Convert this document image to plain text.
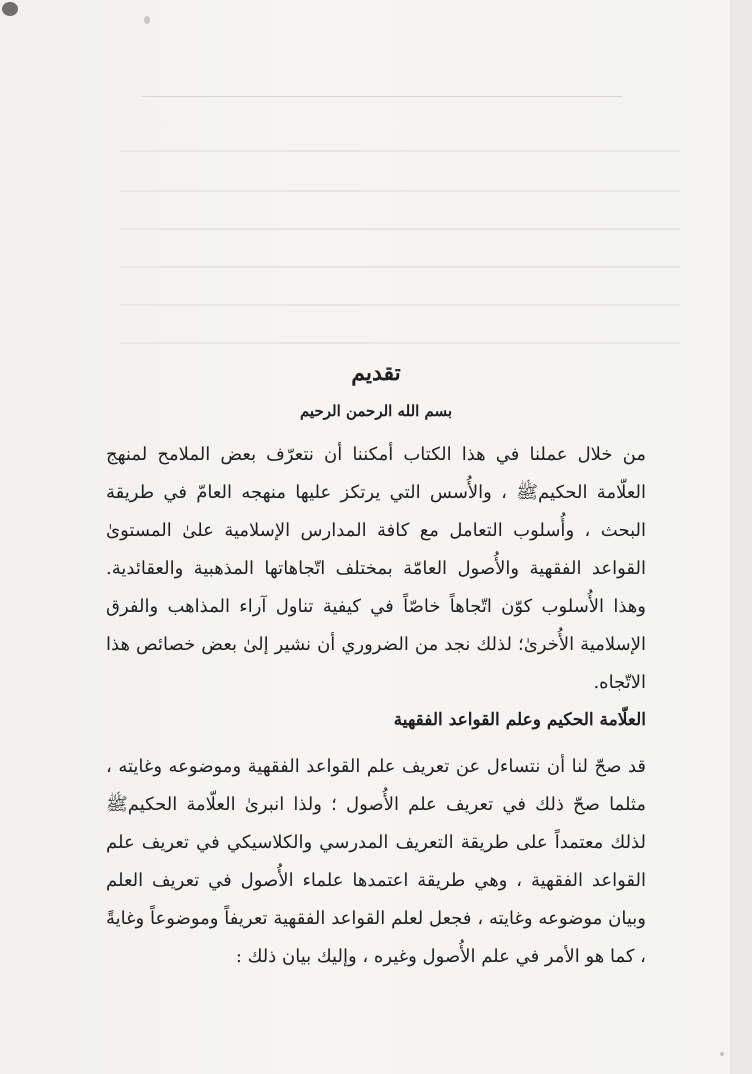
تقديم
بسم الله الرحمن الرحيم
من خلال عملنا في هذا الكتاب أمكننا أن نتعرّف بعض الملامح لمنهج العلّامة الحكيمﷺ ، والأُسس التي يرتكز عليها منهجه العامّ في طريقة البحث ، وأُسلوب التعامل مع كافة المدارس الإسلامية علىٰ المستوىٰ القواعد الفقهية والأُصول العامّة بمختلف اتّجاهاتها المذهبية والعقائدية. وهذا الأُسلوب كوّن اتّجاهاً خاصّاً في كيفية تناول آراء المذاهب والفرق الإسلامية الأُخرىٰ؛ لذلك نجد من الضروري أن نشير إلىٰ بعض خصائص هذا الاتّجاه.
العلّامة الحكيم وعلم القواعد الفقهية
قد صحّ لنا أن نتساءل عن تعريف علم القواعد الفقهية وموضوعه وغايته ، مثلما صحّ ذلك في تعريف علم الأُصول ؛ ولذا انبرىٰ العلّامة الحكيمﷺ لذلك معتمداً على طريقة التعريف المدرسي والكلاسيكي في تعريف علم القواعد الفقهية ، وهي طريقة اعتمدها علماء الأُصول في تعريف العلم وبيان موضوعه وغايته ، فجعل لعلم القواعد الفقهية تعريفاً وموضوعاً وغايةً ، كما هو الأمر في علم الأُصول وغيره ، وإليك بيان ذلك :
